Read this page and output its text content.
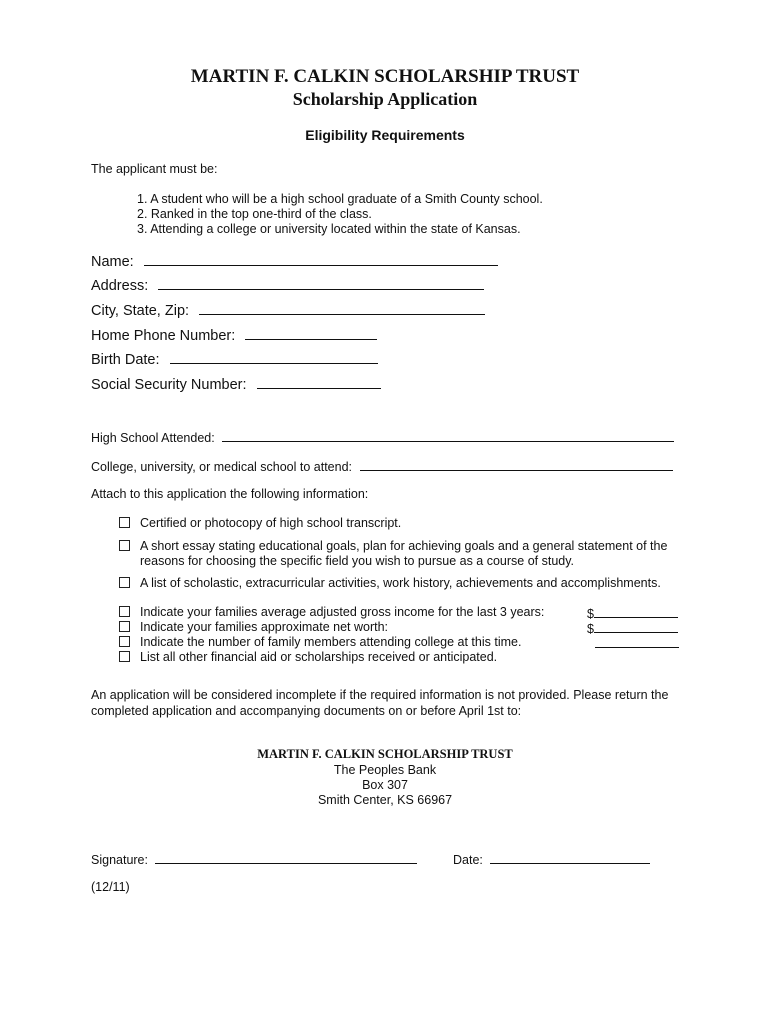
MARTIN F. CALKIN SCHOLARSHIP TRUST
Scholarship Application
Eligibility Requirements
The applicant must be:
1. A student who will be a high school graduate of a Smith County school.
2. Ranked in the top one-third of the class.
3. Attending a college or university located within the state of Kansas.
Name:
Address:
City, State, Zip:
Home Phone Number:
Birth Date:
Social Security Number:
High School Attended:
College, university, or medical school to attend:
Attach to this application the following information:
Certified or photocopy of high school transcript.
A short essay stating educational goals, plan for achieving goals and a general statement of the
reasons for choosing the specific field you wish to pursue as a course of study.
A list of scholastic, extracurricular activities, work history, achievements and accomplishments.
Indicate your families average adjusted gross income for the last 3 years:	$
Indicate your families approximate net worth:	$
Indicate the number of family members attending college at this time.
List all other financial aid or scholarships received or anticipated.
An application will be considered incomplete if the required information is not provided. Please return the
completed application and accompanying documents on or before April 1st to:
MARTIN F. CALKIN SCHOLARSHIP TRUST
The Peoples Bank
Box 307
Smith Center, KS 66967
Signature:	Date:
(12/11)
